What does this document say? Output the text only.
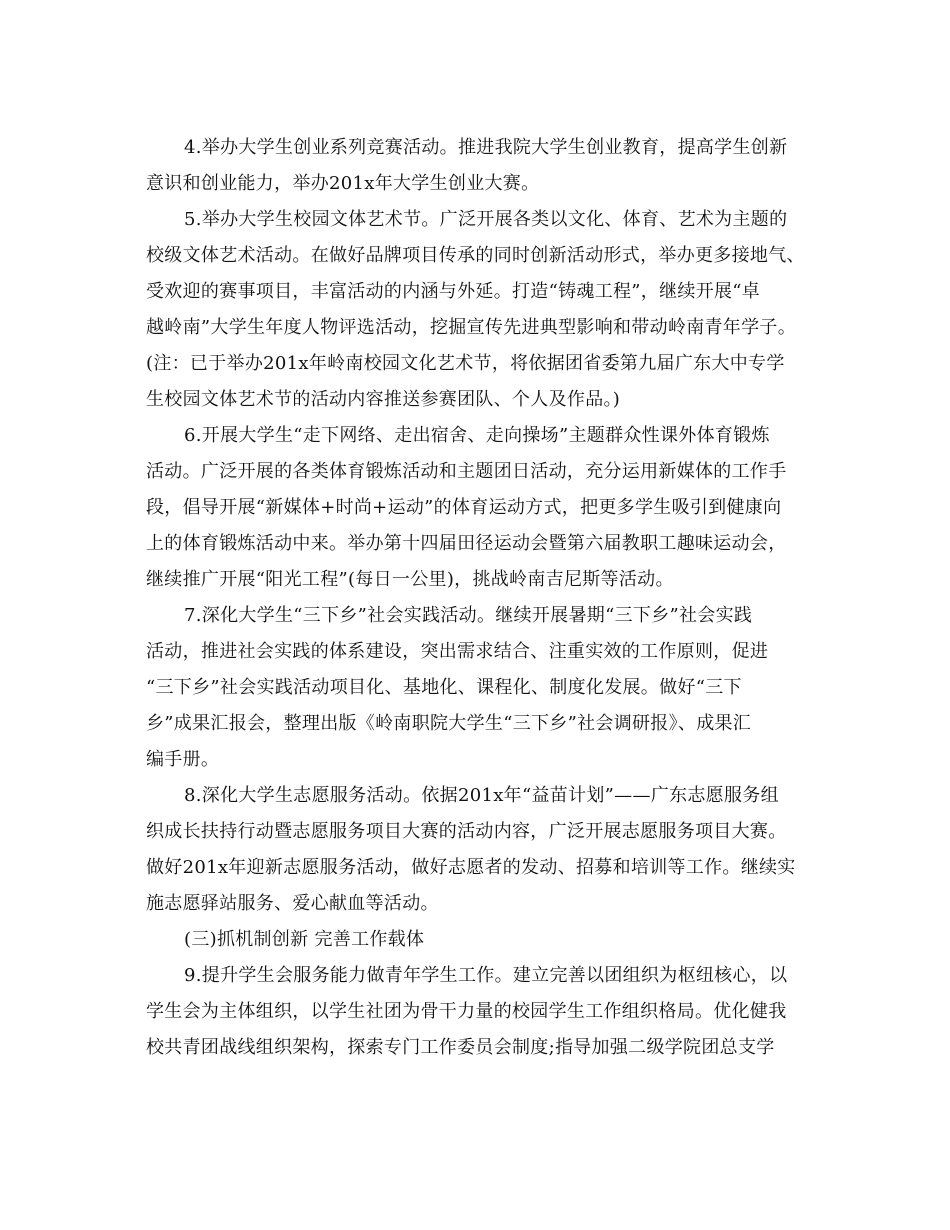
4.举办大学生创业系列竞赛活动。推进我院大学生创业教育，提高学生创新
意识和创业能力，举办201x年大学生创业大赛。
5.举办大学生校园文体艺术节。广泛开展各类以文化、体育、艺术为主题的
校级文体艺术活动。在做好品牌项目传承的同时创新活动形式，举办更多接地气、
受欢迎的赛事项目，丰富活动的内涵与外延。打造“铸魂工程”，继续开展“卓
越岭南”大学生年度人物评选活动，挖掘宣传先进典型影响和带动岭南青年学子。
(注：已于举办201x年岭南校园文化艺术节，将依据团省委第九届广东大中专学
生校园文体艺术节的活动内容推送参赛团队、个人及作品。)
6.开展大学生“走下网络、走出宿舍、走向操场”主题群众性课外体育锻炼
活动。广泛开展的各类体育锻炼活动和主题团日活动，充分运用新媒体的工作手
段，倡导开展“新媒体+时尚+运动”的体育运动方式，把更多学生吸引到健康向
上的体育锻炼活动中来。举办第十四届田径运动会暨第六届教职工趣味运动会，
继续推广开展“阳光工程”(每日一公里)，挑战岭南吉尼斯等活动。
7.深化大学生“三下乡”社会实践活动。继续开展暑期“三下乡”社会实践
活动，推进社会实践的体系建设，突出需求结合、注重实效的工作原则，促进
“三下乡”社会实践活动项目化、基地化、课程化、制度化发展。做好“三下
乡”成果汇报会，整理出版《岭南职院大学生“三下乡”社会调研报》、成果汇
编手册。
8.深化大学生志愿服务活动。依据201x年“益苗计划”——广东志愿服务组
织成长扶持行动暨志愿服务项目大赛的活动内容，广泛开展志愿服务项目大赛。
做好201x年迎新志愿服务活动，做好志愿者的发动、招募和培训等工作。继续实
施志愿驿站服务、爱心献血等活动。
(三)抓机制创新 完善工作载体
9.提升学生会服务能力做青年学生工作。建立完善以团组织为枢纽核心，以
学生会为主体组织，以学生社团为骨干力量的校园学生工作组织格局。优化健我
校共青团战线组织架构，探索专门工作委员会制度;指导加强二级学院团总支学
